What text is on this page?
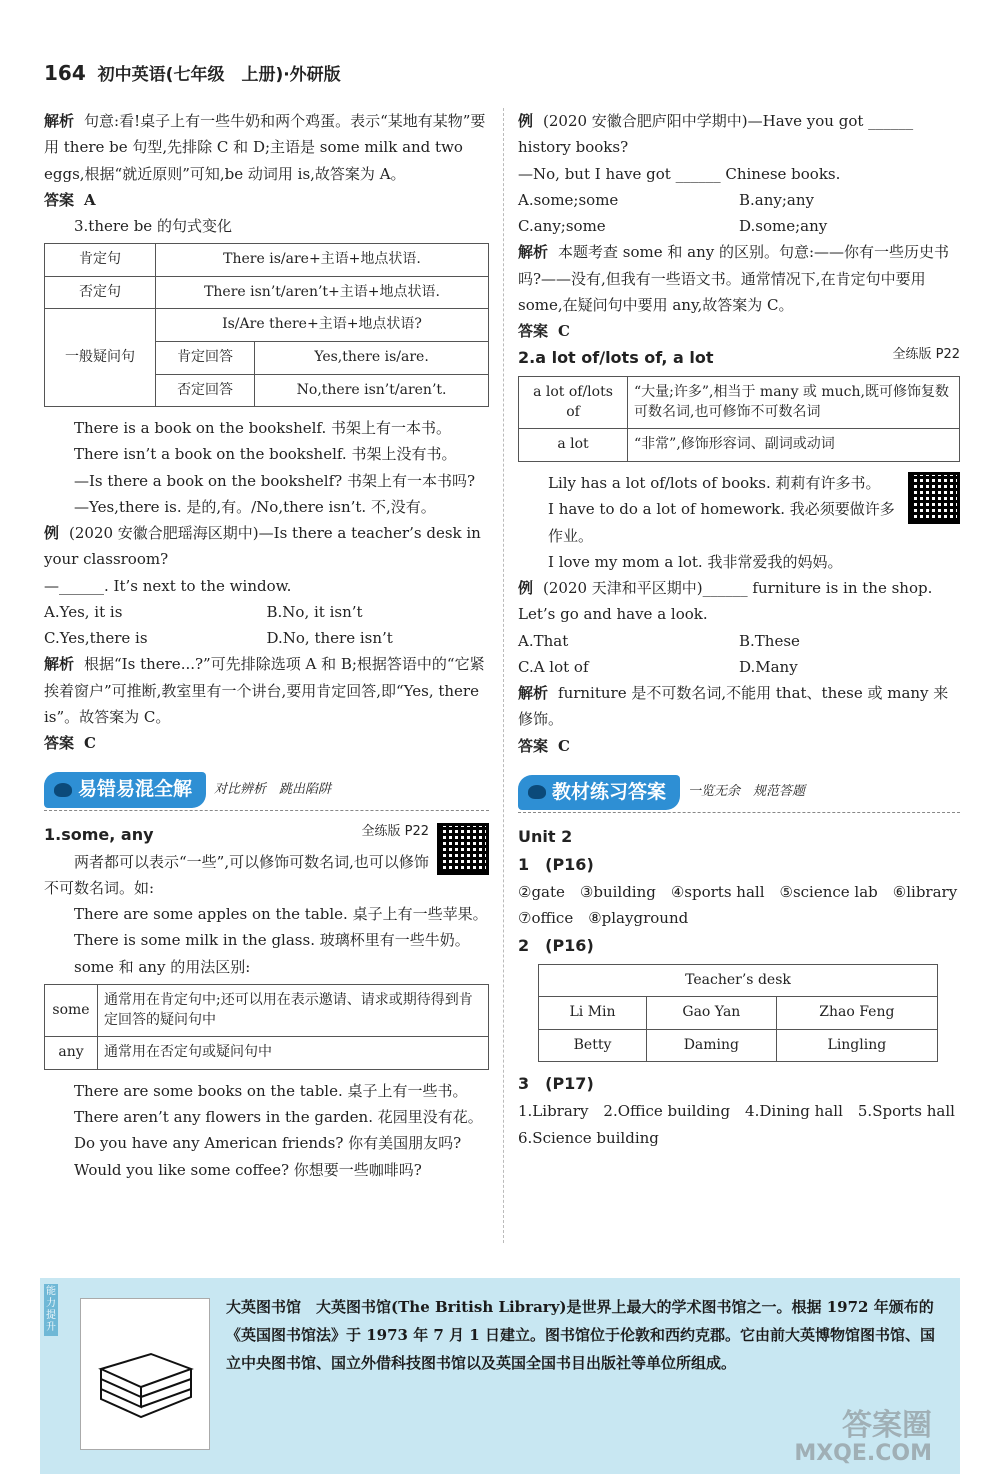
164 初中英语(七年级　上册)·外研版

解析 句意:看!桌子上有一些牛奶和两个鸡蛋。表示“某地有某物”要用 there be 句型,先排除 C 和 D;主语是 some milk and two eggs,根据“就近原则”可知,be 动词用 is,故答案为 A。

答案 A

3.there be 的句式变化

肯定句	There is/are+主语+地点状语.	
否定句	There isn’t/aren’t+主语+地点状语.	
一般疑问句	Is/Are there+主语+地点状语?	
	肯定回答	Yes,there is/are.
	否定回答	No,there isn’t/aren’t.

There is a book on the bookshelf. 书架上有一本书。

There isn’t a book on the bookshelf. 书架上没有书。

—Is there a book on the bookshelf? 书架上有一本书吗?

—Yes,there is. 是的,有。/No,there isn’t. 不,没有。

例 (2020 安徽合肥瑶海区期中)—Is there a teacher’s desk in your classroom?

—______. It’s next to the window.

A.Yes, it is	B.No, it isn’t
C.Yes,there is	D.No, there isn’t

解析 根据“Is there...?”可先排除选项 A 和 B;根据答语中的“它紧挨着窗户”可推断,教室里有一个讲台,要用肯定回答,即“Yes, there is”。故答案为 C。

答案 C

易错易混全解 对比辨析　跳出陷阱

全练版 P22
1.some, any

两者都可以表示“一些”,可以修饰可数名词,也可以修饰不可数名词。如:

There are some apples on the table. 桌子上有一些苹果。

There is some milk in the glass. 玻璃杯里有一些牛奶。

some 和 any 的用法区别:

some	通常用在肯定句中;还可以用在表示邀请、请求或期待得到肯定回答的疑问句中
any	通常用在否定句或疑问句中

There are some books on the table. 桌子上有一些书。

There aren’t any flowers in the garden. 花园里没有花。

Do you have any American friends? 你有美国朋友吗?

Would you like some coffee? 你想要一些咖啡吗?

例 (2020 安徽合肥庐阳中学期中)—Have you got ______ history books?

—No, but I have got ______ Chinese books.

A.some;some	B.any;any
C.any;some	D.some;any

解析 本题考查 some 和 any 的区别。句意:——你有一些历史书吗?——没有,但我有一些语文书。通常情况下,在肯定句中要用 some,在疑问句中要用 any,故答案为 C。

答案 C

全练版 P22
2.a lot of/lots of, a lot

a lot of/lots of	“大量;许多”,相当于 many 或 much,既可修饰复数可数名词,也可修饰不可数名词
a lot	“非常”,修饰形容词、副词或动词

Lily has a lot of/lots of books. 莉莉有许多书。

I have to do a lot of homework. 我必须要做许多作业。

I love my mom a lot. 我非常爱我的妈妈。

例 (2020 天津和平区期中)______ furniture is in the shop. Let’s go and have a look.

A.That	B.These
C.A lot of	D.Many

解析 furniture 是不可数名词,不能用 that、these 或 many 来修饰。

答案 C

教材练习答案 一览无余　规范答题

Unit 2

1　(P16)

②gate　③building　④sports hall　⑤science lab　⑥library　⑦office　⑧playground

2　(P16)

Teacher’s desk		
Li Min	Gao Yan	Zhao Feng
Betty	Daming	Lingling

3　(P17)

1.Library　2.Office building　4.Dining hall　5.Sports hall　6.Science building

能力提升
大英图书馆　 大英图书馆(The British Library)是世界上最大的学术图书馆之一。根据 1972 年颁布的《英国图书馆法》于 1973 年 7 月 1 日建立。图书馆位于伦敦和西约克郡。它由前大英博物馆图书馆、国立中央图书馆、国立外借科技图书馆以及英国全国书目出版社等单位所组成。
答案圈
MXQE.COM
